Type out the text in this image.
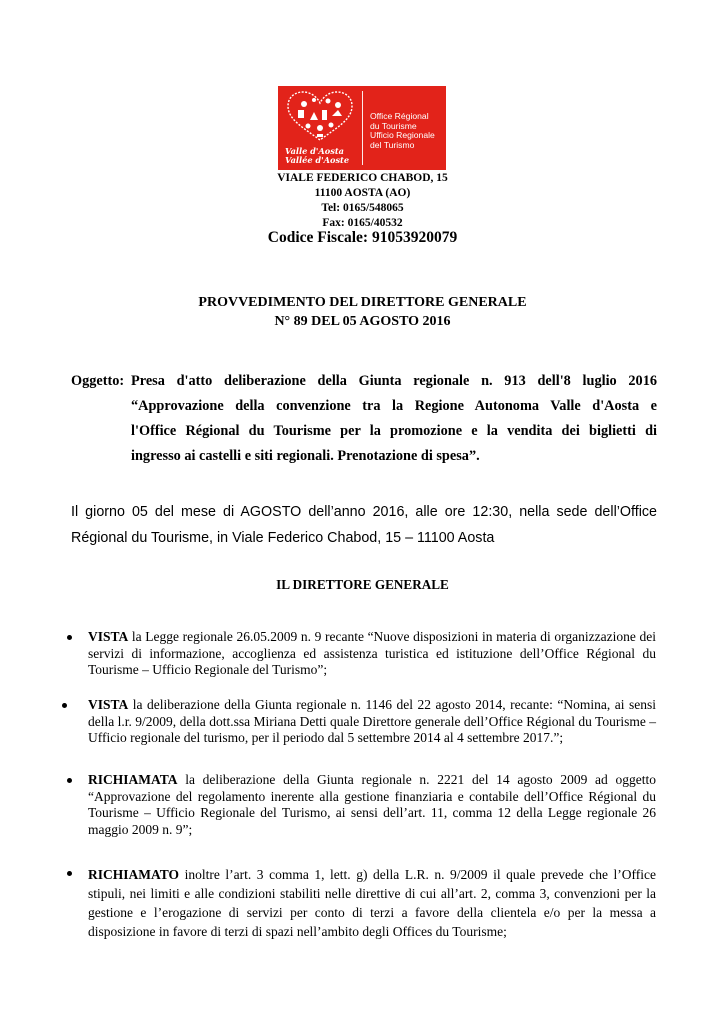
Valle d'Aosta
Vallée d'Aoste
Office Régional
du Tourisme
Ufficio Regionale
del Turismo
VIALE FEDERICO CHABOD, 15
11100 AOSTA (AO)
Tel: 0165/548065
Fax: 0165/40532
Codice Fiscale: 91053920079
PROVVEDIMENTO DEL DIRETTORE GENERALE
N° 89 DEL 05 AGOSTO 2016
Oggetto: Presa d'atto deliberazione della Giunta regionale n. 913 dell'8 luglio 2016
“Approvazione della convenzione tra la Regione Autonoma Valle d'Aosta e
l'Office Régional du Tourisme per la promozione e la vendita dei biglietti di
ingresso ai castelli e siti regionali. Prenotazione di spesa”.
Il giorno 05 del mese di AGOSTO dell’anno 2016, alle ore 12:30, nella sede dell’Office
Régional du Tourisme, in Viale Federico Chabod, 15 – 11100 Aosta
IL DIRETTORE GENERALE
VISTA la Legge regionale 26.05.2009 n. 9 recante “Nuove disposizioni in materia di organizzazione dei servizi di informazione, accoglienza ed assistenza turistica ed istituzione dell’Office Régional du Tourisme – Ufficio Regionale del Turismo”;
VISTA la deliberazione della Giunta regionale n. 1146 del 22 agosto 2014, recante: “Nomina, ai sensi della l.r. 9/2009, della dott.ssa Miriana Detti quale Direttore generale dell’Office Régional du Tourisme – Ufficio regionale del turismo, per il periodo dal 5 settembre 2014 al 4 settembre 2017.”;
RICHIAMATA la deliberazione della Giunta regionale n. 2221 del 14 agosto 2009 ad oggetto “Approvazione del regolamento inerente alla gestione finanziaria e contabile dell’Office Régional du Tourisme – Ufficio Regionale del Turismo, ai sensi dell’art. 11, comma 12 della Legge regionale 26 maggio 2009 n. 9”;
RICHIAMATO inoltre l’art. 3 comma 1, lett. g) della L.R. n. 9/2009 il quale prevede che l’Office stipuli, nei limiti e alle condizioni stabiliti nelle direttive di cui all’art. 2, comma 3, convenzioni per la gestione e l’erogazione di servizi per conto di terzi a favore della clientela e/o per la messa a disposizione in favore di terzi di spazi nell’ambito degli Offices du Tourisme;
